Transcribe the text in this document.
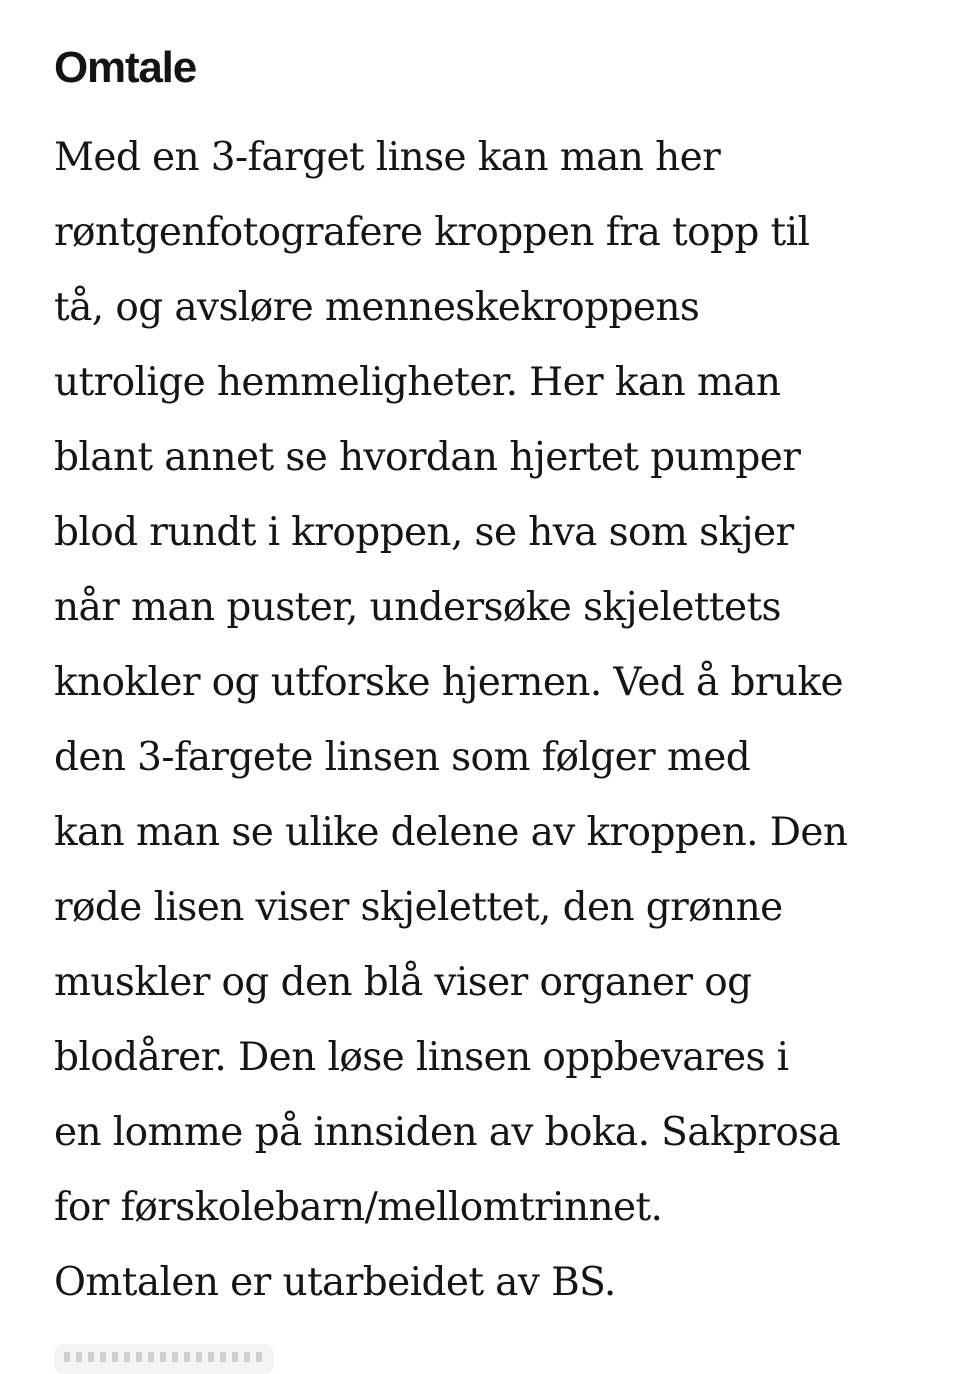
Omtale
Med en 3-farget linse kan man her
røntgenfotografere kroppen fra topp til
tå, og avsløre menneskekroppens
utrolige hemmeligheter. Her kan man
blant annet se hvordan hjertet pumper
blod rundt i kroppen, se hva som skjer
når man puster, undersøke skjelettets
knokler og utforske hjernen. Ved å bruke
den 3-fargete linsen som følger med
kan man se ulike delene av kroppen. Den
røde lisen viser skjelettet, den grønne
muskler og den blå viser organer og
blodårer. Den løse linsen oppbevares i
en lomme på innsiden av boka. Sakprosa
for førskolebarn/mellomtrinnet.
Omtalen er utarbeidet av BS.
